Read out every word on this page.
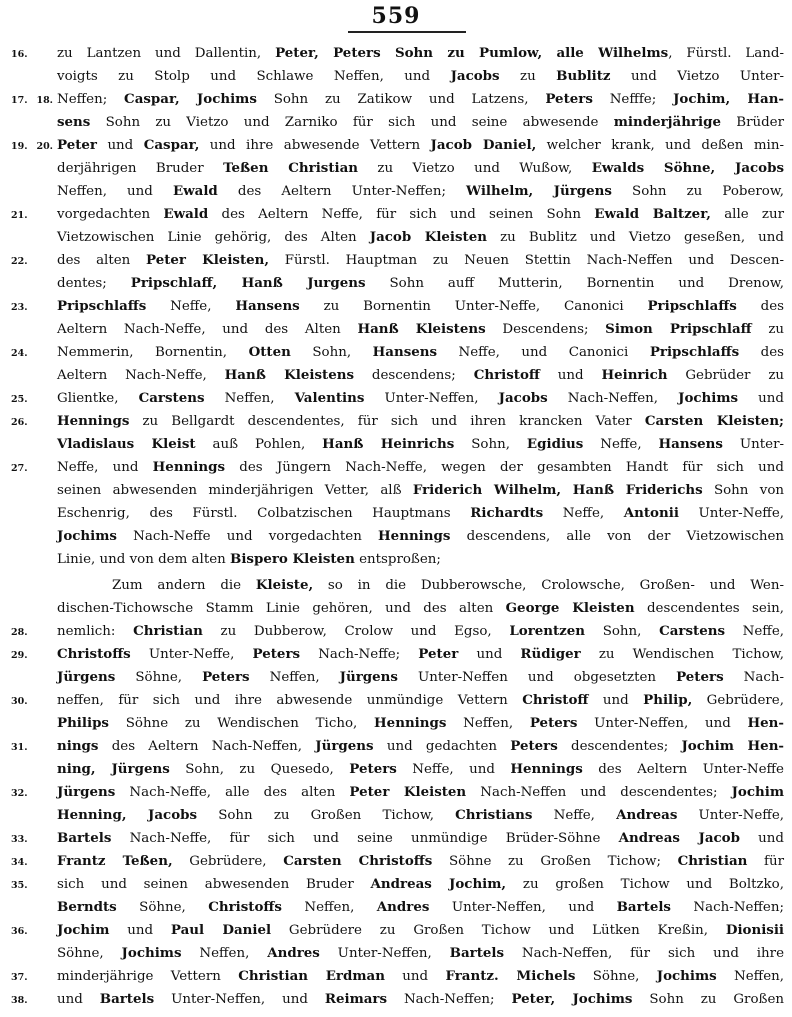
559
16.	zu Lantzen und Dallentin, Peter, Peters Sohn zu Pumlow, alle Wilhelms, Fürstl. Land-
voigts zu Stolp und Schlawe Neffen, und Jacobs zu Bublitz und Vietzo Unter-
17. 18. Neffen; Caspar, Jochims Sohn zu Zatikow und Latzens, Peters Nefffe; Jochim, Han-
sens Sohn zu Vietzo und Zarniko für sich und seine abwesende minderjährige Brüder
19. 20. Peter und Caspar, und ihre abwesende Vettern Jacob Daniel, welcher krank, und deßen min-
derjährigen Bruder Teßen Christian zu Vietzo und Wußow, Ewalds Söhne, Jacobs
Neffen, und Ewald des Aeltern Unter-Neffen; Wilhelm, Jürgens Sohn zu Poberow,
21.	vorgedachten Ewald des Aeltern Neffe, für sich und seinen Sohn Ewald Baltzer, alle zur
Vietzowischen Linie gehörig, des Alten Jacob Kleisten zu Bublitz und Vietzo geseßen, und
22.	des alten Peter Kleisten, Fürstl. Hauptman zu Neuen Stettin Nach-Neffen und Descen-
dentes; Pripschlaff, Hanß Jurgens Sohn auff Mutterin, Bornentin und Drenow,
23.	Pripschlaffs Neffe, Hansens zu Bornentin Unter-Neffe, Canonici Pripschlaffs des
Aeltern Nach-Neffe, und des Alten Hanß Kleistens Descendens; Simon Pripschlaff zu
24.	Nemmerin, Bornentin, Otten Sohn, Hansens Neffe, und Canonici Pripschlaffs des
Aeltern Nach-Neffe, Hanß Kleistens descendens; Christoff und Heinrich Gebrüder zu
25.	Glientke, Carstens Neffen, Valentins Unter-Neffen, Jacobs Nach-Neffen, Jochims und
26.	Hennings zu Bellgardt descendentes, für sich und ihren krancken Vater Carsten Kleisten;
Vladislaus Kleist auß Pohlen, Hanß Heinrichs Sohn, Egidius Neffe, Hansens Unter-
27.	Neffe, und Hennings des Jüngern Nach-Neffe, wegen der gesambten Handt für sich und
seinen abwesenden minderjährigen Vetter, alß Friderich Wilhelm, Hanß Friderichs Sohn von
Eschenrig, des Fürstl. Colbatzischen Hauptmans Richardts Neffe, Antonii Unter-Neffe,
Jochims Nach-Neffe und vorgedachten Hennings descendens, alle von der Vietzowischen
Linie, und von dem alten Bispero Kleisten entsproßen;
Zum andern die Kleiste, so in die Dubberowsche, Crolowsche, Großen- und Wen-
dischen-Tichowsche Stamm Linie gehören, und des alten George Kleisten descendentes sein,
28.	nemlich: Christian zu Dubberow, Crolow und Egso, Lorentzen Sohn, Carstens Neffe,
29.	Christoffs Unter-Neffe, Peters Nach-Neffe; Peter und Rüdiger zu Wendischen Tichow,
Jürgens Söhne, Peters Neffen, Jürgens Unter-Neffen und obgesetzten Peters Nach-
30.	neffen, für sich und ihre abwesende unmündige Vettern Christoff und Philip, Gebrüdere,
Philips Söhne zu Wendischen Ticho, Hennings Neffen, Peters Unter-Neffen, und Hen-
31.	nings des Aeltern Nach-Neffen, Jürgens und gedachten Peters descendentes; Jochim Hen-
ning, Jürgens Sohn, zu Quesedo, Peters Neffe, und Hennings des Aeltern Unter-Neffe
32.	Jürgens Nach-Neffe, alle des alten Peter Kleisten Nach-Neffen und descendentes; Jochim
Henning, Jacobs Sohn zu Großen Tichow, Christians Neffe, Andreas Unter-Neffe,
33.	Bartels Nach-Neffe, für sich und seine unmündige Brüder-Söhne Andreas Jacob und
34.	Frantz Teßen, Gebrüdere, Carsten Christoffs Söhne zu Großen Tichow; Christian für
35.	sich und seinen abwesenden Bruder Andreas Jochim, zu großen Tichow und Boltzko,
Berndts Söhne, Christoffs Neffen, Andres Unter-Neffen, und Bartels Nach-Neffen;
36.	Jochim und Paul Daniel Gebrüdere zu Großen Tichow und Lütken Kreßin, Dionisii
Söhne, Jochims Neffen, Andres Unter-Neffen, Bartels Nach-Neffen, für sich und ihre
37.	minderjährige Vettern Christian Erdman und Frantz. Michels Söhne, Jochims Neffen,
38.	und Bartels Unter-Neffen, und Reimars Nach-Neffen; Peter, Jochims Sohn zu Großen
